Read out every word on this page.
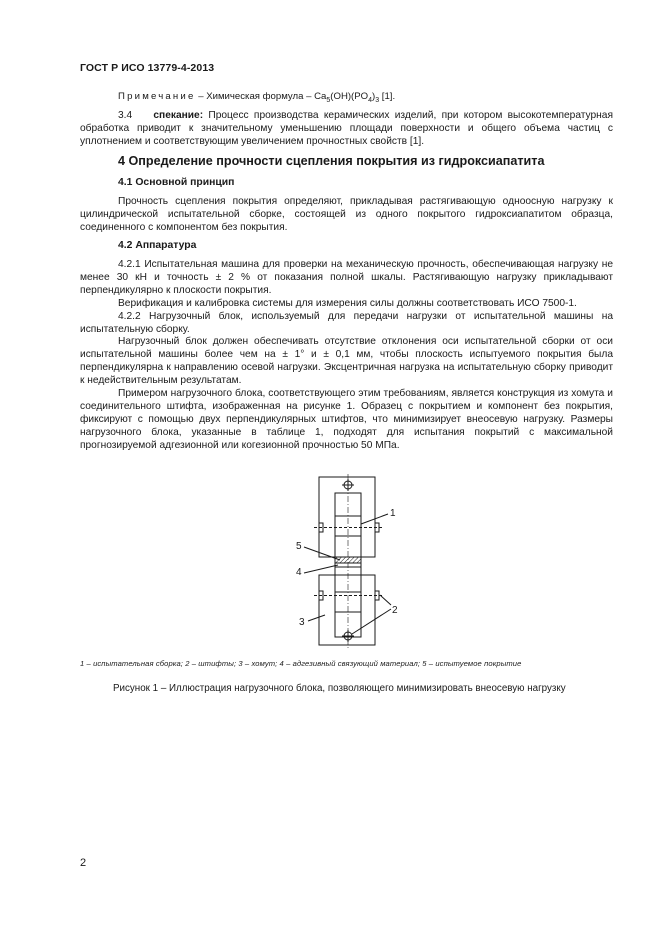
ГОСТ Р ИСО 13779-4-2013
Примечание – Химическая формула – $Ca_5(OH)(PO_4)_3$ [1].
3.4 спекание: Процесс производства керамических изделий, при котором высокотемпературная обработка приводит к значительному уменьшению площади поверхности и общего объема частиц с уплотнением и соответствующим увеличением прочностных свойств [1].
4 Определение прочности сцепления покрытия из гидроксиапатита
4.1 Основной принцип
Прочность сцепления покрытия определяют, прикладывая растягивающую одноосную нагрузку к цилиндрической испытательной сборке, состоящей из одного покрытого гидроксиапатитом образца, соединенного с компонентом без покрытия.
4.2 Аппаратура

4.2.1 Испытательная машина для проверки на механическую прочность, обеспечивающая нагрузку не менее 30 кН и точность ± 2 % от показания полной шкалы. Растягивающую нагрузку прикладывают перпендикулярно к плоскости покрытия.

Верификация и калибровка системы для измерения силы должны соответствовать ИСО 7500-1.

4.2.2 Нагрузочный блок, используемый для передачи нагрузки от испытательной машины на испытательную сборку.

Нагрузочный блок должен обеспечивать отсутствие отклонения оси испытательной сборки от оси испытательной машины более чем на ± 1° и ± 0,1 мм, чтобы плоскость испытуемого покрытия была перпендикулярна к направлению осевой нагрузки. Эксцентричная нагрузка на испытательную сборку приводит к недействительным результатам.

Примером нагрузочного блока, соответствующего этим требованиям, является конструкция из хомута и соединительного штифта, изображенная на рисунке 1. Образец с покрытием и компонент без покрытия, фиксируют с помощью двух перпендикулярных штифтов, что минимизирует внеосевую нагрузку. Размеры нагрузочного блока, указанные в таблице 1, подходят для испытания покрытий с максимальной прогнозируемой адгезионной или когезионной прочностью 50 МПа.

1
5
4
2
3
1 – испытательная сборка; 2 – штифты; 3 – хомут; 4 – адгезивный связующий материал; 5 – испытуемое покрытие
Рисунок 1 – Иллюстрация нагрузочного блока, позволяющего минимизировать внеосевую нагрузку
2
